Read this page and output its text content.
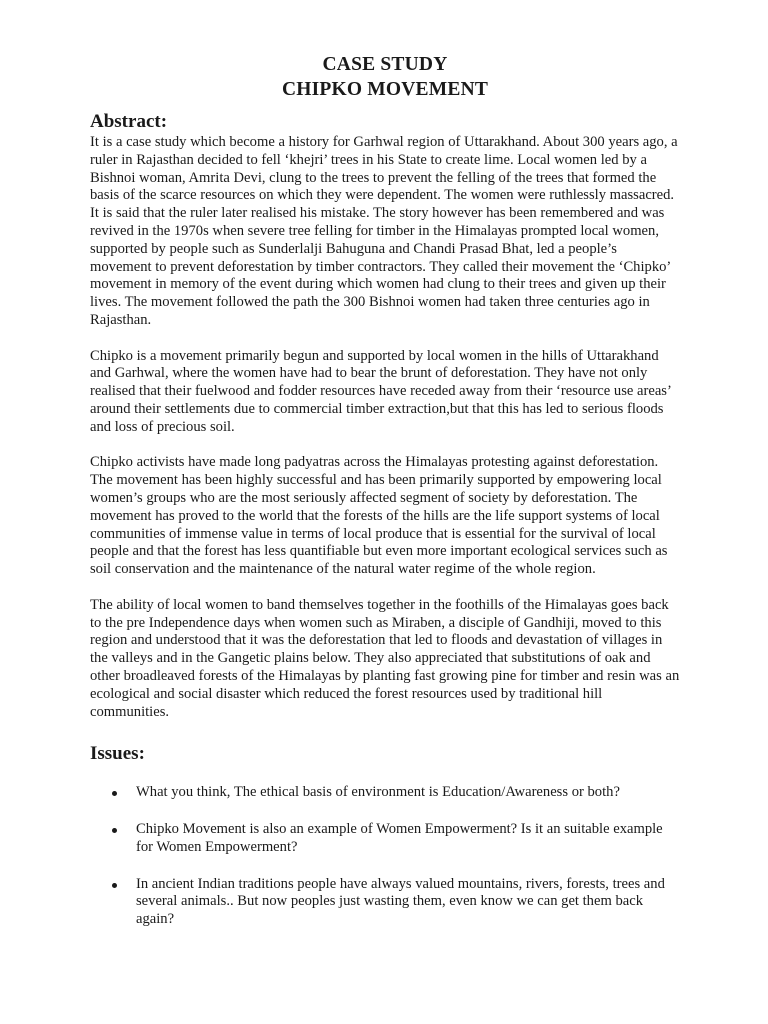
CASE STUDY
CHIPKO MOVEMENT
Abstract:

It is a case study which become a history for Garhwal region of Uttarakhand. About 300 years ago, a ruler in Rajasthan decided to fell ‘khejri’ trees in his State to create lime. Local women led by a Bishnoi woman, Amrita Devi, clung to the trees to prevent the felling of the trees that formed the basis of the scarce resources on which they were dependent. The women were ruthlessly massacred. It is said that the ruler later realised his mistake. The story however has been remembered and was revived in the 1970s when severe tree felling for timber in the Himalayas prompted local women, supported by people such as Sunderlalji Bahuguna and Chandi Prasad Bhat, led a people’s movement to prevent deforestation by timber contractors. They called their movement the ‘Chipko’ movement in memory of the event during which women had clung to their trees and given up their lives. The movement followed the path the 300 Bishnoi women had taken three centuries ago in Rajasthan.

Chipko is a movement primarily begun and supported by local women in the hills of Uttarakhand and Garhwal, where the women have had to bear the brunt of deforestation. They have not only realised that their fuelwood and fodder resources have receded away from their ‘resource use areas’ around their settlements due to commercial timber extraction,but that this has led to serious floods and loss of precious soil.

Chipko activists have made long padyatras across the Himalayas protesting against deforestation. The movement has been highly successful and has been primarily supported by empowering local women’s groups who are the most seriously affected segment of society by deforestation. The movement has proved to the world that the forests of the hills are the life support systems of local communities of immense value in terms of local produce that is essential for the survival of local people and that the forest has less quantifiable but even more important ecological services such as soil conservation and the maintenance of the natural water regime of the whole region.

The ability of local women to band themselves together in the foothills of the Himalayas goes back to the pre Independence days when women such as Miraben, a disciple of Gandhiji, moved to this region and understood that it was the deforestation that led to floods and devastation of villages in the valleys and in the Gangetic plains below. They also appreciated that substitutions of oak and other broadleaved forests of the Himalayas by planting fast growing pine for timber and resin was an ecological and social disaster which reduced the forest resources used by traditional hill communities.

Issues:
What you think, The ethical basis of environment is Education/Awareness or both?
Chipko Movement is also an example of Women Empowerment? Is it an suitable example for Women Empowerment?
In ancient Indian traditions people have always valued mountains, rivers, forests, trees and several animals.. But now peoples just wasting them, even know we can get them back again?
